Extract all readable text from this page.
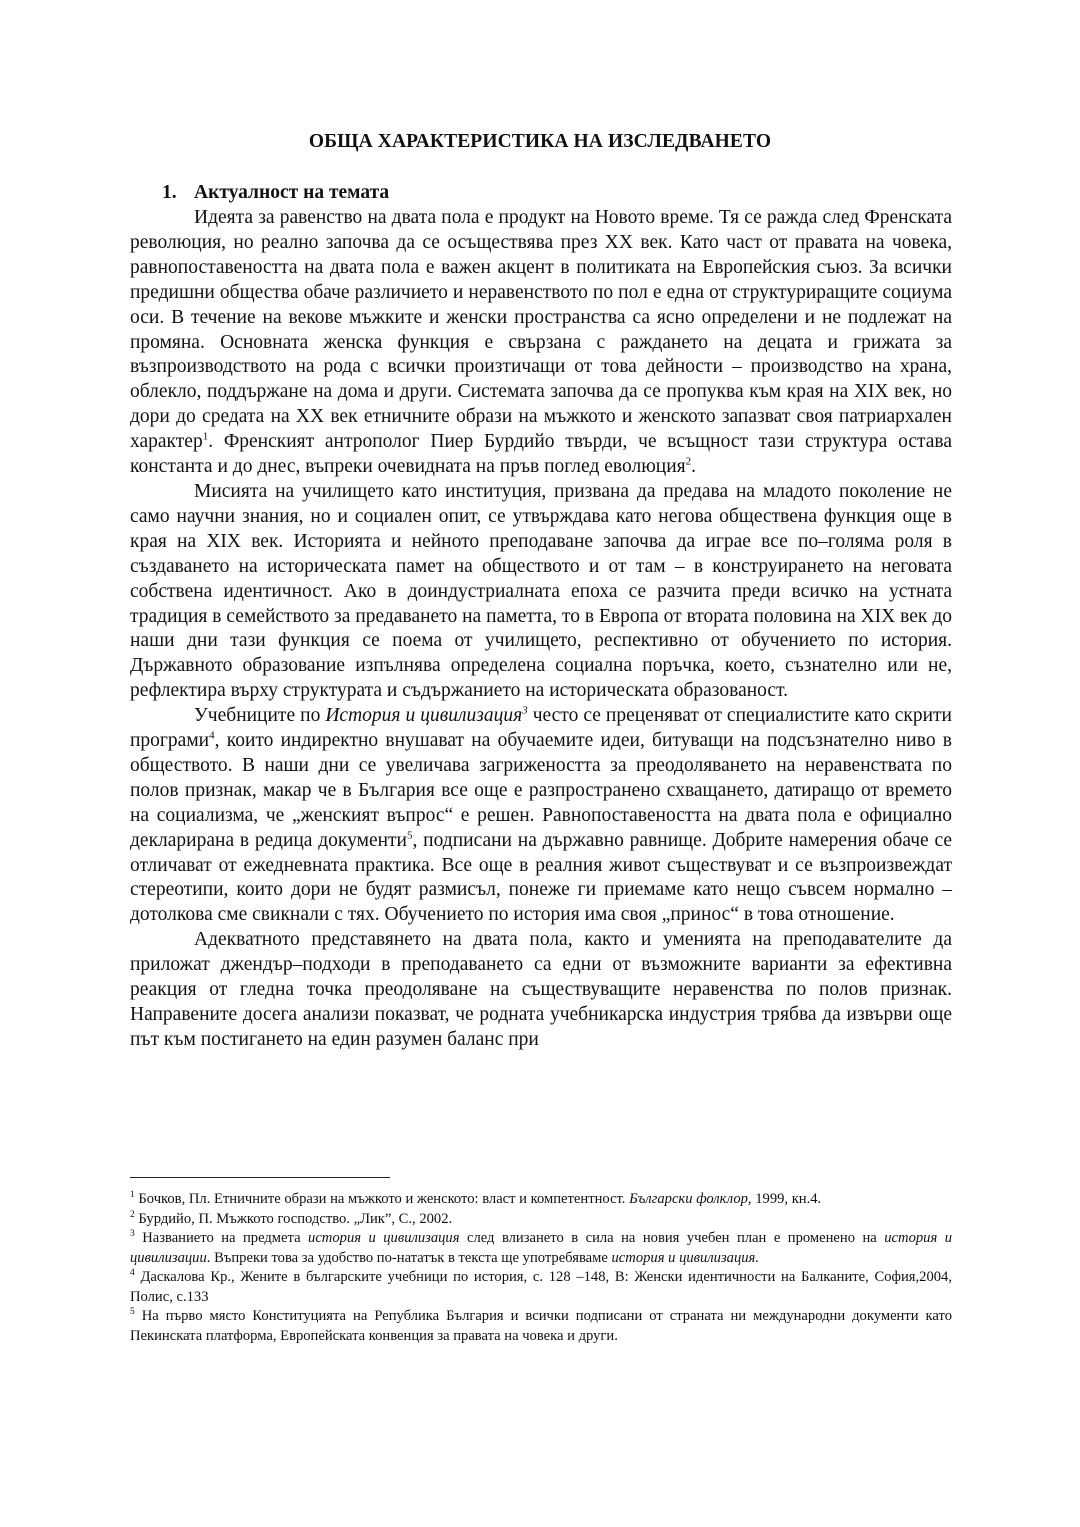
ОБЩА ХАРАКТЕРИСТИКА НА ИЗСЛЕДВАНЕТО
1. Актуалност на темата

Идеята за равенство на двата пола е продукт на Новото време. Тя се ражда след Френската революция, но реално започва да се осъществява през XX век. Като част от правата на човека, равнопоставеността на двата пола е важен акцент в политиката на Европейския съюз. За всички предишни общества обаче различието и неравенството по пол е една от структуриращите социума оси. В течение на векове мъжките и женски пространства са ясно определени и не подлежат на промяна. Основната женска функция е свързана с раждането на децата и грижата за възпроизводството на рода с всички произтичащи от това дейности – производство на храна, облекло, поддържане на дома и други. Системата започва да се пропуква към края на XIX век, но дори до средата на XX век етничните образи на мъжкото и женското запазват своя патриархален характер$^1$. Френският антрополог Пиер Бурдийо твърди, че всъщност тази структура остава константа и до днес, въпреки очевидната на пръв поглед еволюция$^2$.

Мисията на училището като институция, призвана да предава на младото поколение не само научни знания, но и социален опит, се утвърждава като негова обществена функция още в края на XIX век. Историята и нейното преподаване започва да играе все по–голяма роля в създаването на историческата памет на обществото и от там – в конструирането на неговата собствена идентичност. Ако в доиндустриалната епоха се разчита преди всичко на устната традиция в семейството за предаването на паметта, то в Европа от втората половина на XIX век до наши дни тази функция се поема от училището, респективно от обучението по история. Държавното образование изпълнява определена социална поръчка, което, съзнателно или не, рефлектира върху структурата и съдържанието на историческата образованост.

Учебниците по История и цивилизация$^3$ често се преценяват от специалистите като скрити програми$^4$, които индиректно внушават на обучаемите идеи, битуващи на подсъзнателно ниво в обществото. В наши дни се увеличава загрижеността за преодоляването на неравенствата по полов признак, макар че в България все още е разпространено схващането, датиращо от времето на социализма, че „женският въпрос“ е решен. Равнопоставеността на двата пола е официално декларирана в редица документи$^5$, подписани на държавно равнище. Добрите намерения обаче се отличават от ежедневната практика. Все още в реалния живот съществуват и се възпроизвеждат стереотипи, които дори не будят размисъл, понеже ги приемаме като нещо съвсем нормално – дотолкова сме свикнали с тях. Обучението по история има своя „принос“ в това отношение.

Адекватното представянето на двата пола, както и уменията на преподавателите да приложат джендър–подходи в преподаването са едни от възможните варианти за ефективна реакция от гледна точка преодоляване на съществуващите неравенства по полов признак. Направените досега анализи показват, че родната учебникарска индустрия трябва да извърви още път към постигането на един разумен баланс при

$^1$ Бочков, Пл. Етничните образи на мъжкото и женското: власт и компетентност. Български фолклор, 1999, кн.4.

$^2$ Бурдийо, П. Мъжкото господство. „Лик”, С., 2002.

$^3$ Названието на предмета история и цивилизация след влизането в сила на новия учебен план е променено на история и цивилизации. Въпреки това за удобство по-нататък в текста ще употребяваме история и цивилизация.

$^4$ Даскалова Кр., Жените в българските учебници по история, с. 128 –148, В: Женски идентичности на Балканите, София,2004, Полис, с.133

$^5$ На първо място Конституцията на Република България и всички подписани от страната ни международни документи като Пекинската платформа, Европейската конвенция за правата на човека и други.
